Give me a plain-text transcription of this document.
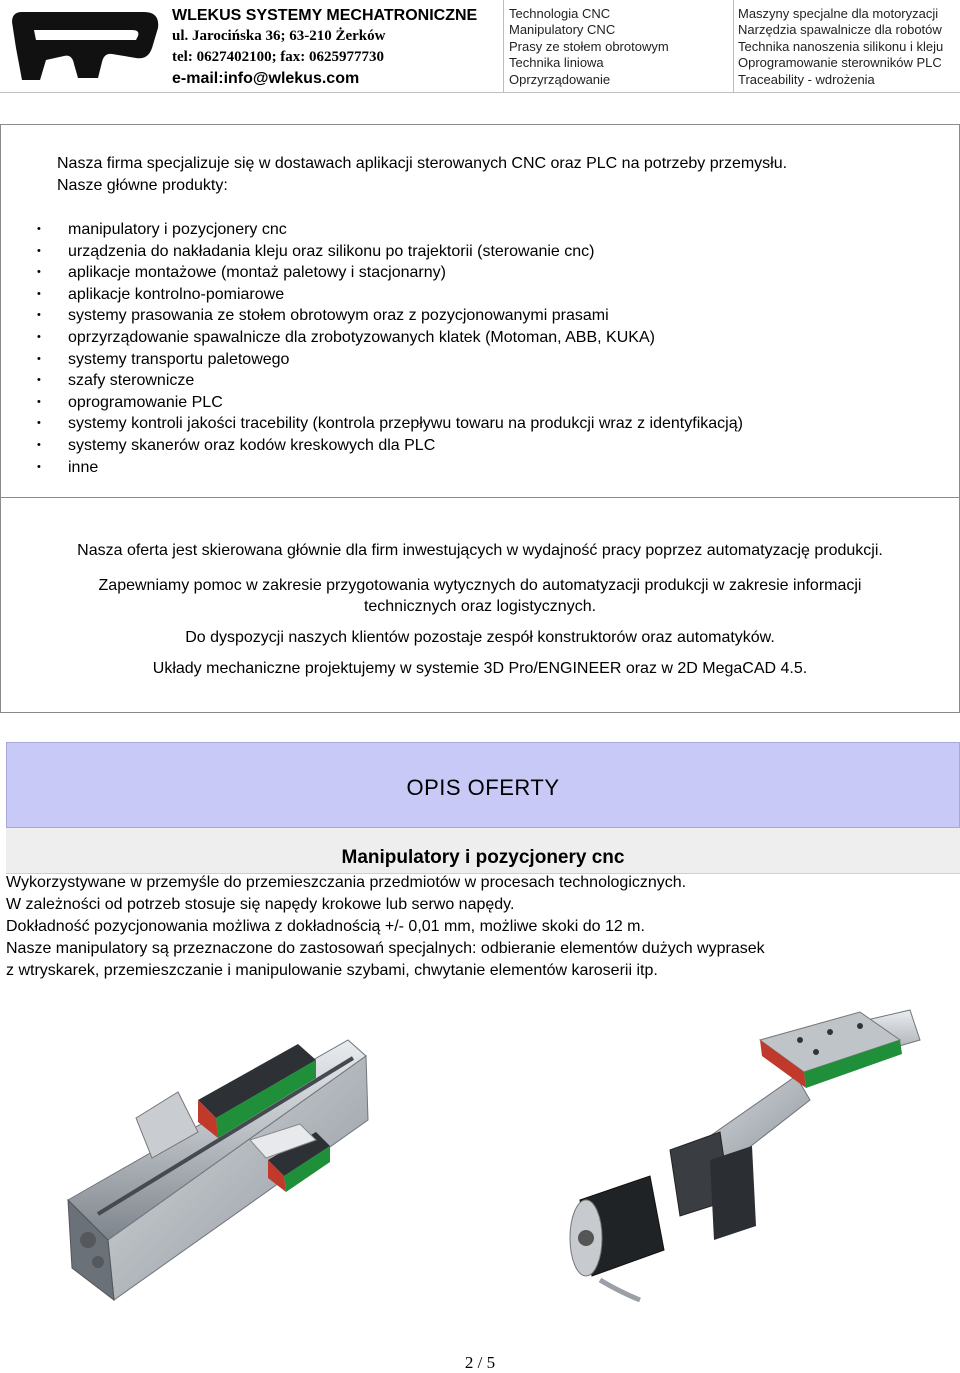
WLEKUS SYSTEMY MECHATRONICZNE
ul. Jarocińska 36; 63-210 Żerków
tel: 0627402100; fax: 0625977730
e-mail:info@wlekus.com
Technologia CNC
Manipulatory CNC
Prasy ze stołem obrotowym
Technika liniowa
Oprzyrządowanie
Maszyny specjalne dla motoryzacji
Narzędzia spawalnicze dla robotów
Technika nanoszenia silikonu i kleju
Oprogramowanie sterowników PLC
Traceability - wdrożenia

Nasza firma specjalizuje się w dostawach aplikacji sterowanych CNC oraz PLC na potrzeby przemysłu.
Nasze główne produkty:

• manipulatory i pozycjonery cnc
• urządzenia do nakładania kleju oraz silikonu po trajektorii (sterowanie cnc)
• aplikacje montażowe (montaż paletowy i stacjonarny)
• aplikacje kontrolno-pomiarowe
• systemy prasowania ze stołem obrotowym oraz z pozycjonowanymi prasami
• oprzyrządowanie spawalnicze dla zrobotyzowanych klatek (Motoman, ABB, KUKA)
• systemy transportu paletowego
• szafy sterownicze
• oprogramowanie PLC
• systemy kontroli jakości tracebility (kontrola przepływu towaru na produkcji wraz z identyfikacją)
• systemy skanerów oraz kodów kreskowych dla PLC
• inne

Nasza oferta jest skierowana głównie dla firm inwestujących w wydajność pracy poprzez automatyzację produkcji.

Zapewniamy pomoc w zakresie przygotowania wytycznych do automatyzacji produkcji w zakresie informacji

technicznych oraz logistycznych.

Do dyspozycji naszych klientów pozostaje zespół konstruktorów oraz automatyków.

Układy mechaniczne projektujemy w systemie 3D Pro/ENGINEER oraz w 2D MegaCAD 4.5.

OPIS OFERTY
Manipulatory i pozycjonery cnc
Wykorzystywane w przemyśle do przemieszczania przedmiotów w procesach technologicznych.
W zależności od potrzeb stosuje się napędy krokowe lub serwo napędy.
Dokładność pozycjonowania możliwa z dokładnością +/- 0,01 mm, możliwe skoki do 12 m.
Nasze manipulatory są przeznaczone do zastosowań specjalnych: odbieranie elementów dużych wyprasek
z wtryskarek, przemieszczanie i manipulowanie szybami, chwytanie elementów karoserii itp.
2 / 5
